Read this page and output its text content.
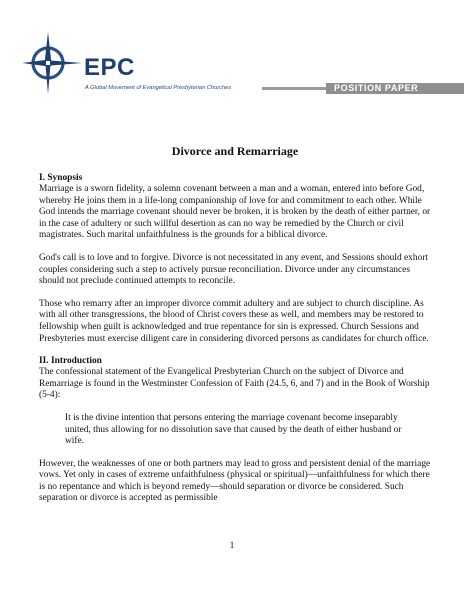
EPC
A Global Movement of Evangelical Presbyterian Churches	POSITION PAPER
Divorce and Remarriage
I. Synopsis

Marriage is a sworn fidelity, a solemn covenant between a man and a woman, entered into before God, whereby He joins them in a life-long companionship of love for and commitment to each other. While God intends the marriage covenant should never be broken, it is broken by the death of either partner, or in the case of adultery or such willful desertion as can no way be remedied by the Church or civil magistrates. Such marital unfaithfulness is the grounds for a biblical divorce.

God's call is to love and to forgive. Divorce is not necessitated in any event, and Sessions should exhort couples considering such a step to actively pursue reconciliation. Divorce under any circumstances should not preclude continued attempts to reconcile.

Those who remarry after an improper divorce commit adultery and are subject to church discipline. As with all other transgressions, the blood of Christ covers these as well, and members may be restored to fellowship when guilt is acknowledged and true repentance for sin is expressed. Church Sessions and Presbyteries must exercise diligent care in considering divorced persons as candidates for church office.

II. Introduction

The confessional statement of the Evangelical Presbyterian Church on the subject of Divorce and Remarriage is found in the Westminster Confession of Faith (24.5, 6, and 7) and in the Book of Worship (5-4):

It is the divine intention that persons entering the marriage covenant become inseparably united, thus allowing for no dissolution save that caused by the death of either husband or wife.

However, the weaknesses of one or both partners may lead to gross and persistent denial of the marriage vows. Yet only in cases of extreme unfaithfulness (physical or spiritual)—unfaithfulness for which there is no repentance and which is beyond remedy—should separation or divorce be considered. Such separation or divorce is accepted as permissible

1
